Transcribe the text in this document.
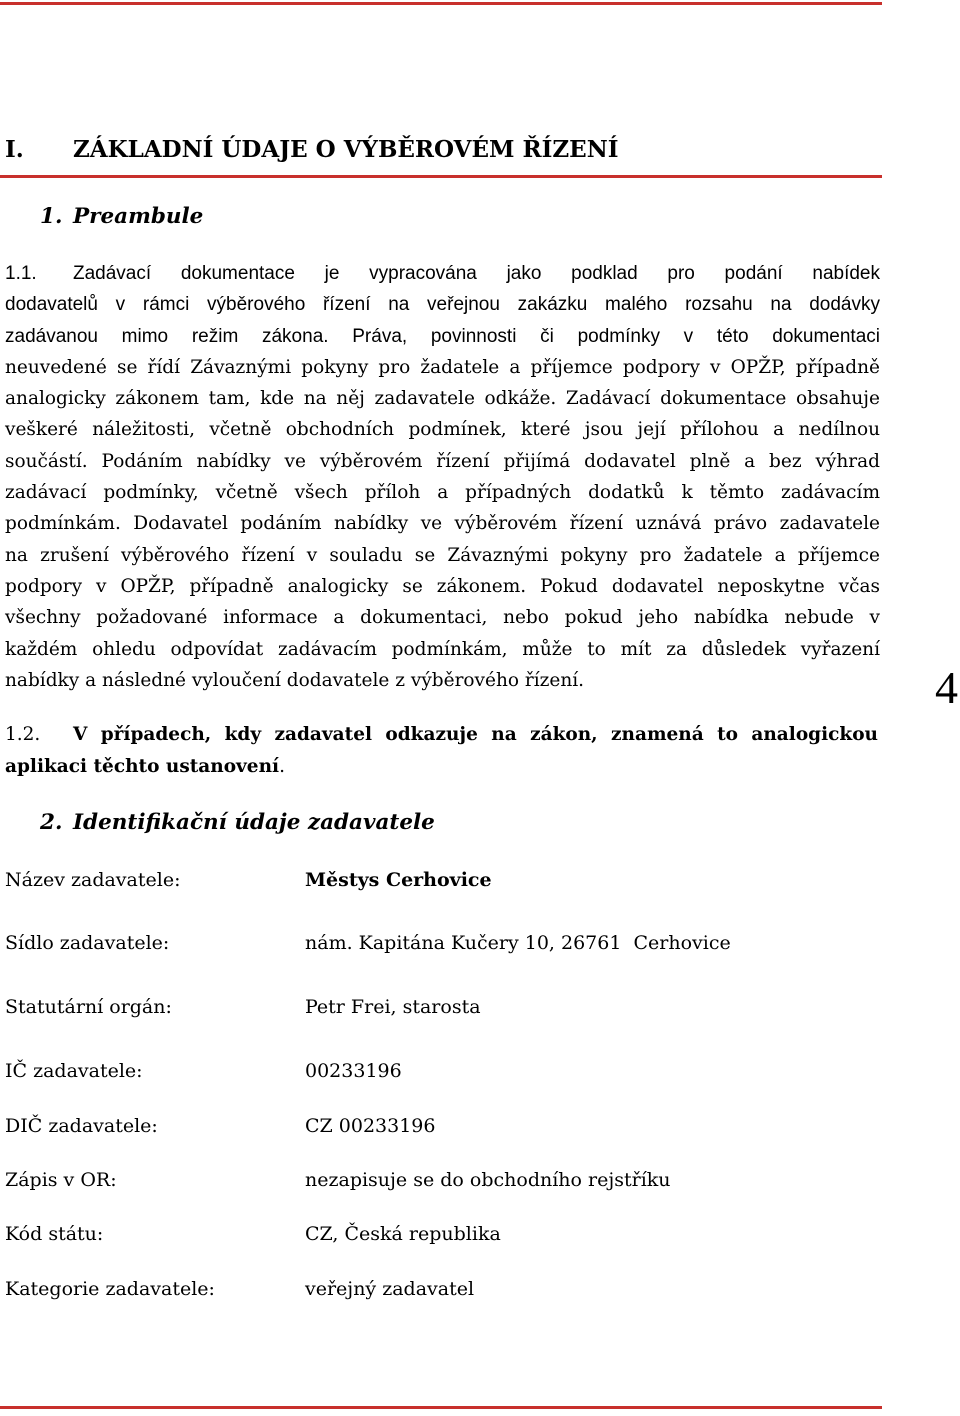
I. ZÁKLADNÍ ÚDAJE O VÝBĚROVÉM ŘÍZENÍ
1. Preambule
1.1.	Zadávací dokumentace je vypracována jako podklad pro podání nabídek
dodavatelů v rámci výběrového řízení na veřejnou zakázku malého rozsahu na dodávky
zadávanou mimo režim zákona. Práva, povinnosti či podmínky v této dokumentaci
neuvedené se řídí Závaznými pokyny pro žadatele a příjemce podpory v OPŽP, případně
analogicky zákonem tam, kde na něj zadavatele odkáže. Zadávací dokumentace obsahuje
veškeré náležitosti, včetně obchodních podmínek, které jsou její přílohou a nedílnou
součástí. Podáním nabídky ve výběrovém řízení přijímá dodavatel plně a bez výhrad
zadávací podmínky, včetně všech příloh a případných dodatků k těmto zadávacím
podmínkám. Dodavatel podáním nabídky ve výběrovém řízení uznává právo zadavatele
na zrušení výběrového řízení v souladu se Závaznými pokyny pro žadatele a příjemce
podpory v OPŽP, případně analogicky se zákonem. Pokud dodavatel neposkytne včas
všechny požadované informace a dokumentaci, nebo pokud jeho nabídka nebude v
každém ohledu odpovídat zadávacím podmínkám, může to mít za důsledek vyřazení
nabídky a následné vyloučení dodavatele z výběrového řízení.	4
1.2.	V případech, kdy zadavatel odkazuje na zákon, znamená to analogickou
aplikaci těchto ustanovení.
2. Identifikační údaje zadavatele
Název zadavatele:	Městys Cerhovice
Sídlo zadavatele:	nám. Kapitána Kučery 10, 26761  Cerhovice
Statutární orgán:	Petr Frei, starosta
IČ zadavatele:	00233196
DIČ zadavatele:	CZ 00233196
Zápis v OR:	nezapisuje se do obchodního rejstříku
Kód státu:	CZ, Česká republika
Kategorie zadavatele:	veřejný zadavatel
